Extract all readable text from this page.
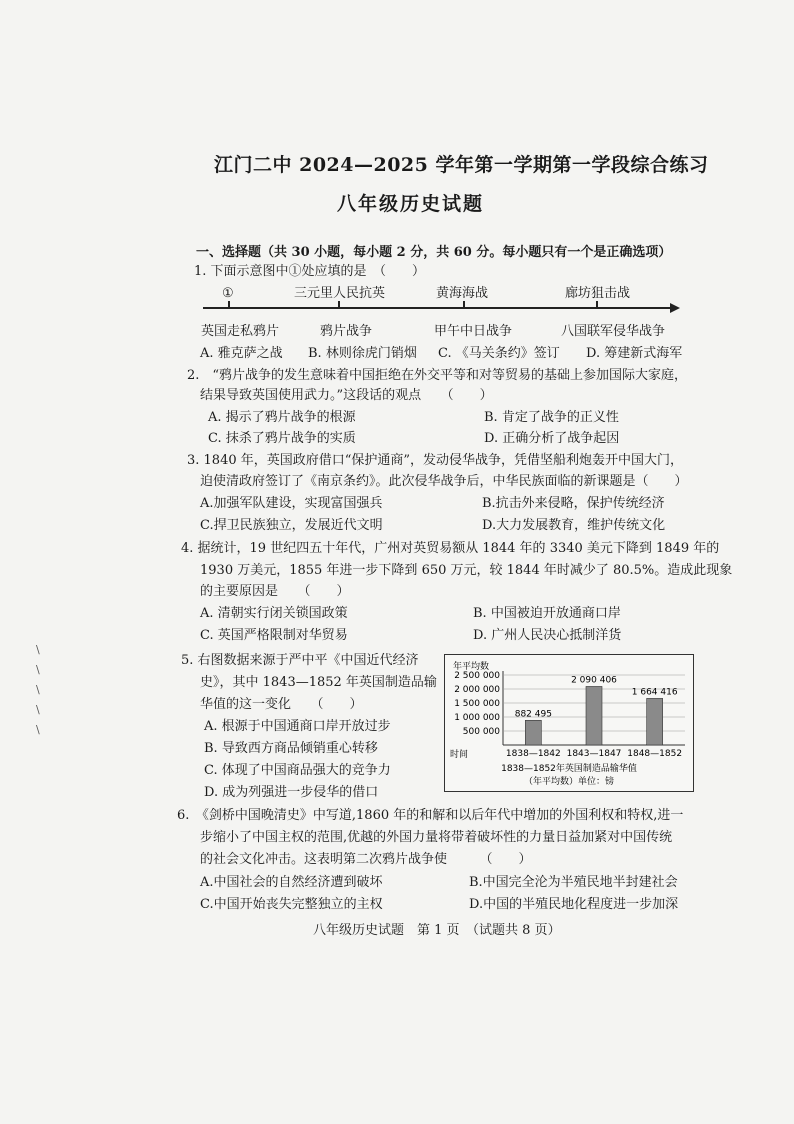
江门二中 2024—2025 学年第一学期第一学段综合练习
八年级历史试题
一、选择题（共 30 小题，每小题 2 分，共 60 分。每小题只有一个是正确选项）
1. 下面示意图中①处应填的是　（　　）
①	三元里人民抗英	黄海海战	廊坊狙击战
英国走私鸦片	鸦片战争	甲午中日战争	八国联军侵华战争
A. 雅克萨之战 B. 林则徐虎门销烟 C. 《马关条约》签订 D. 筹建新式海军
2.　“鸦片战争的发生意味着中国拒绝在外交平等和对等贸易的基础上参加国际大家庭，
结果导致英国使用武力。”这段话的观点　　（　　）
A. 揭示了鸦片战争的根源	B. 肯定了战争的正义性
C. 抹杀了鸦片战争的实质	D. 正确分析了战争起因
3. 1840 年，英国政府借口“保护通商”，发动侵华战争，凭借坚船利炮轰开中国大门，
迫使清政府签订了《南京条约》。此次侵华战争后，中华民族面临的新课题是（　　）
A.加强军队建设，实现富国强兵	B.抗击外来侵略，保护传统经济
C.捍卫民族独立，发展近代文明	D.大力发展教育，维护传统文化
4. 据统计，19 世纪四五十年代，广州对英贸易额从 1844 年的 3340 美元下降到 1849 年的
1930 万美元，1855 年进一步下降到 650 万元，较 1844 年时减少了 80.5%。造成此现象
的主要原因是　　（　　）
A. 清朝实行闭关锁国政策	B. 中国被迫开放通商口岸
C. 英国严格限制对华贸易	D. 广州人民决心抵制洋货
\
\
\
\
\
5. 右图数据来源于严中平《中国近代经济
史》，其中 1843—1852 年英国制造品输
华值的这一变化　　（　　）
A. 根源于中国通商口岸开放过步
B. 导致西方商品倾销重心转移
C. 体现了中国商品强大的竞争力
D. 成为列强进一步侵华的借口
年平均数
时间
1838—1852年英国制造品输华值
（年平均数）单位：镑
2 500 000
2 000 000
1 500 000
1 000 000
500 000
882 495
1838—1842
2 090 406
1843—1847
1 664 416
1848—1852
6.　《剑桥中国晚清史》中写道,1860 年的和解和以后年代中增加的外国利权和特权,进一
步缩小了中国主权的范围,优越的外国力量将带着破坏性的力量日益加紧对中国传统
的社会文化冲击。这表明第二次鸦片战争使　　　（　　）
A.中国社会的自然经济遭到破坏	B.中国完全沦为半殖民地半封建社会
C.中国开始丧失完整独立的主权	D.中国的半殖民地化程度进一步加深
八年级历史试题　第 1 页　（试题共 8 页）
